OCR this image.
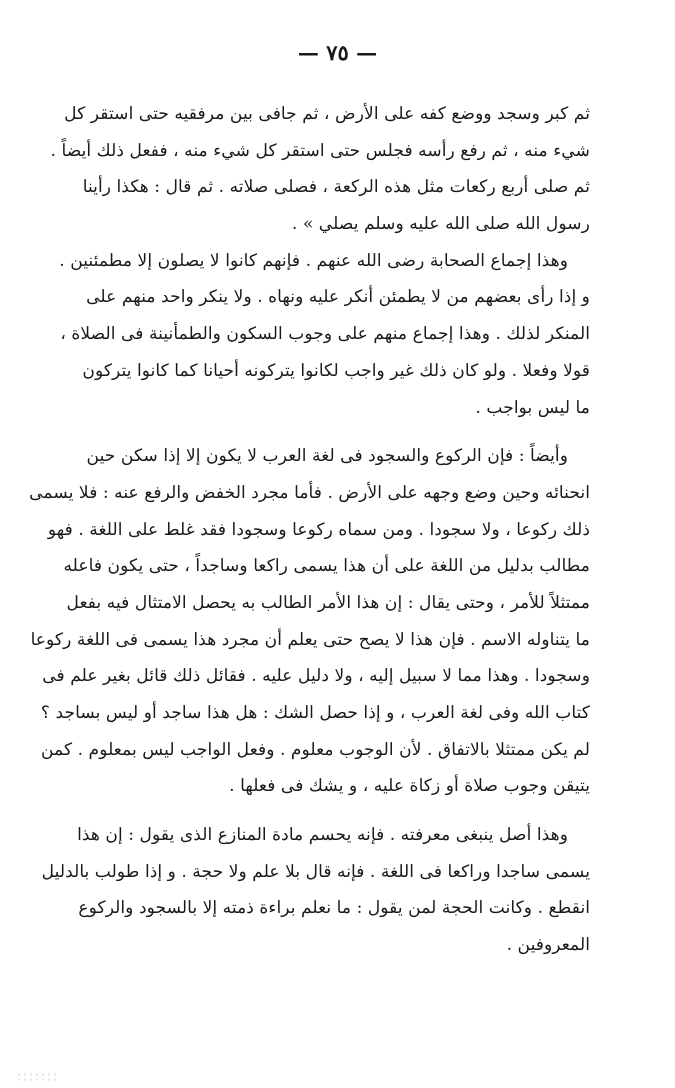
— ٧٥ —
ثم كبر وسجد ووضع كفه على الأرض ، ثم جافى بين مرفقيه حتى استقر كل
شيء منه ، ثم رفع رأسه فجلس حتى استقر كل شيء منه ، ففعل ذلك أيضاً .
ثم صلى أربع ركعات مثل هذه الركعة ، فصلى صلاته . ثم قال : هكذا رأينا
رسول الله صلى الله عليه وسلم يصلي » .
وهذا إجماع الصحابة رضى الله عنهم . فإنهم كانوا لا يصلون إلا مطمئنين .
و إذا رأى بعضهم من لا يطمئن أنكر عليه ونهاه . ولا ينكر واحد منهم على
المنكر لذلك . وهذا إجماع منهم على وجوب السكون والطمأنينة فى الصلاة ،
قولا وفعلا . ولو كان ذلك غير واجب لكانوا يتركونه أحيانا كما كانوا يتركون
ما ليس بواجب .
وأيضاً : فإن الركوع والسجود فى لغة العرب لا يكون إلا إذا سكن حين
انحنائه وحين وضع وجهه على الأرض . فأما مجرد الخفض والرفع عنه : فلا يسمى
ذلك ركوعا ، ولا سجودا . ومن سماه ركوعا وسجودا فقد غلط على اللغة . فهو
مطالب بدليل من اللغة على أن هذا يسمى راكعا وساجداً ، حتى يكون فاعله
ممتثلاً للأمر ، وحتى يقال : إن هذا الأمر الطالب به يحصل الامتثال فيه بفعل
ما يتناوله الاسم . فإن هذا لا يصح حتى يعلم أن مجرد هذا يسمى فى اللغة ركوعا
وسجودا . وهذا مما لا سبيل إليه ، ولا دليل عليه . فقائل ذلك قائل بغير علم فى
كتاب الله وفى لغة العرب ، و إذا حصل الشك : هل هذا ساجد أو ليس بساجد ؟
لم يكن ممتثلا بالاتفاق . لأن الوجوب معلوم . وفعل الواجب ليس بمعلوم . كمن
يتيقن وجوب صلاة أو زكاة عليه ، و يشك فى فعلها .
وهذا أصل ينبغى معرفته . فإنه يحسم مادة المنازع الذى يقول : إن هذا
يسمى ساجدا وراكعا فى اللغة . فإنه قال بلا علم ولا حجة . و إذا طولب بالدليل
انقطع . وكانت الحجة لمن يقول : ما نعلم براءة ذمته إلا بالسجود والركوع
المعروفين .
